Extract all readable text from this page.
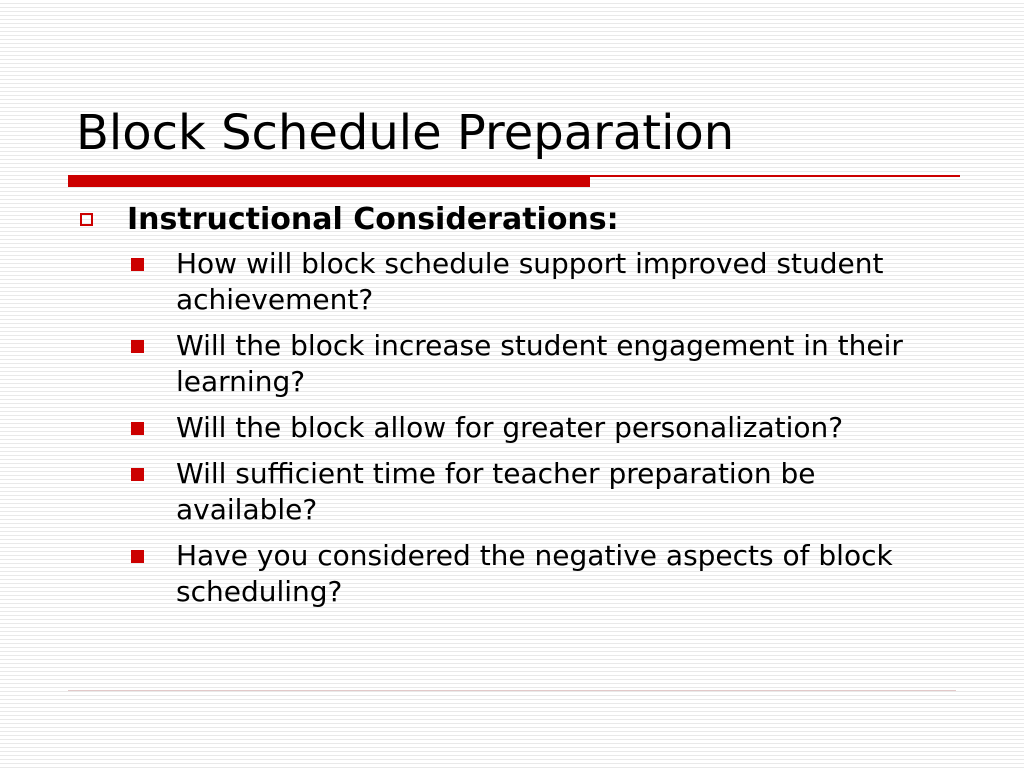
Block Schedule Preparation
Instructional Considerations:
How will block schedule support improved student achievement?
Will the block increase student engagement in their learning?
Will the block allow for greater personalization?
Will sufficient time for teacher preparation be available?
Have you considered the negative aspects of block scheduling?
